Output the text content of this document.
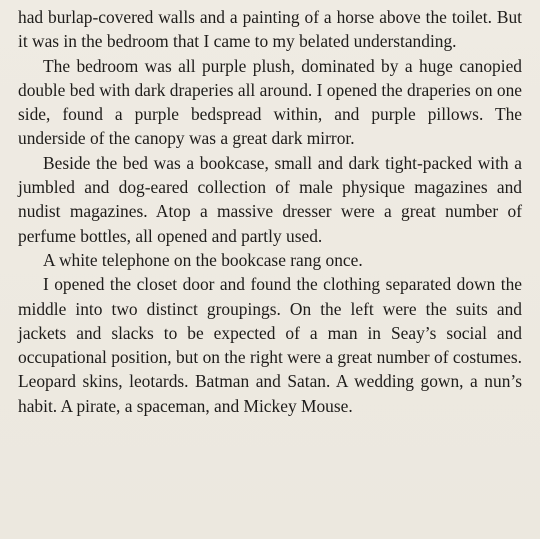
had burlap-covered walls and a painting of a horse above the toilet. But it was in the bedroom that I came to my belated understanding.

The bedroom was all purple plush, dominated by a huge canopied double bed with dark draperies all around. I opened the draperies on one side, found a purple bedspread within, and purple pillows. The underside of the canopy was a great dark mirror.

Beside the bed was a bookcase, small and dark tight-packed with a jumbled and dog-eared collection of male physique magazines and nudist magazines. Atop a massive dresser were a great number of perfume bottles, all opened and partly used.

A white telephone on the bookcase rang once.

I opened the closet door and found the clothing separated down the middle into two distinct groupings. On the left were the suits and jackets and slacks to be expected of a man in Seay’s social and occupational position, but on the right were a great number of costumes. Leopard skins, leotards. Batman and Satan. A wedding gown, a nun’s habit. A pirate, a spaceman, and Mickey Mouse.
